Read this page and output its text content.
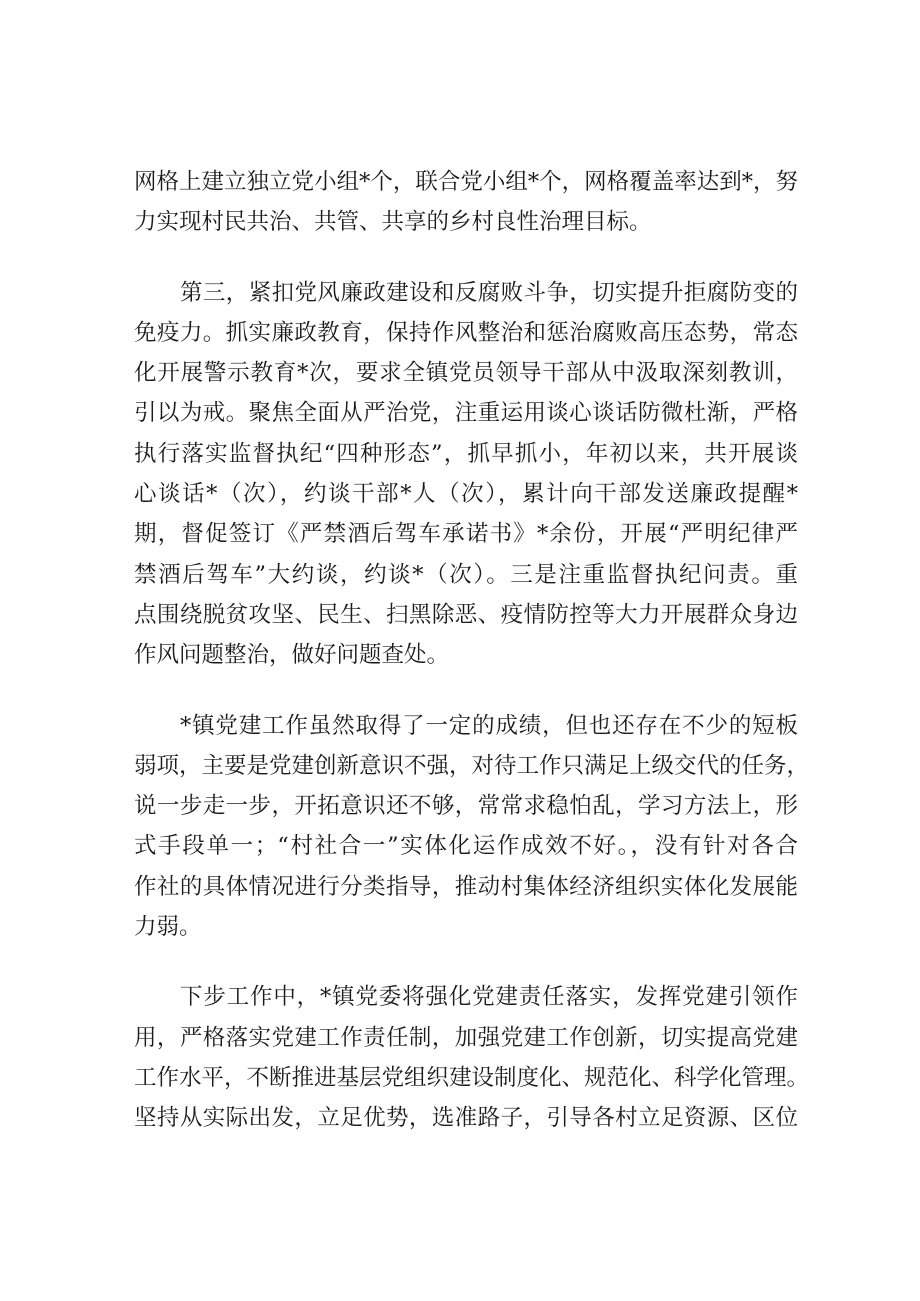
网格上建立独立党小组*个，联合党小组*个，网格覆盖率达到*，努
力实现村民共治、共管、共享的乡村良性治理目标。

第三，紧扣党风廉政建设和反腐败斗争，切实提升拒腐防变的
免疫力。抓实廉政教育，保持作风整治和惩治腐败高压态势，常态
化开展警示教育*次，要求全镇党员领导干部从中汲取深刻教训，
引以为戒。聚焦全面从严治党，注重运用谈心谈话防微杜渐，严格
执行落实监督执纪“四种形态”，抓早抓小，年初以来，共开展谈
心谈话*（次），约谈干部*人（次），累计向干部发送廉政提醒*
期，督促签订《严禁酒后驾车承诺书》*余份，开展“严明纪律严
禁酒后驾车”大约谈，约谈*（次）。三是注重监督执纪问责。重
点围绕脱贫攻坚、民生、扫黑除恶、疫情防控等大力开展群众身边
作风问题整治，做好问题查处。

*镇党建工作虽然取得了一定的成绩，但也还存在不少的短板
弱项，主要是党建创新意识不强，对待工作只满足上级交代的任务，
说一步走一步，开拓意识还不够，常常求稳怕乱，学习方法上，形
式手段单一；“村社合一”实体化运作成效不好。，没有针对各合
作社的具体情况进行分类指导，推动村集体经济组织实体化发展能
力弱。

下步工作中，*镇党委将强化党建责任落实，发挥党建引领作
用，严格落实党建工作责任制，加强党建工作创新，切实提高党建
工作水平，不断推进基层党组织建设制度化、规范化、科学化管理。
坚持从实际出发，立足优势，选准路子，引导各村立足资源、区位
